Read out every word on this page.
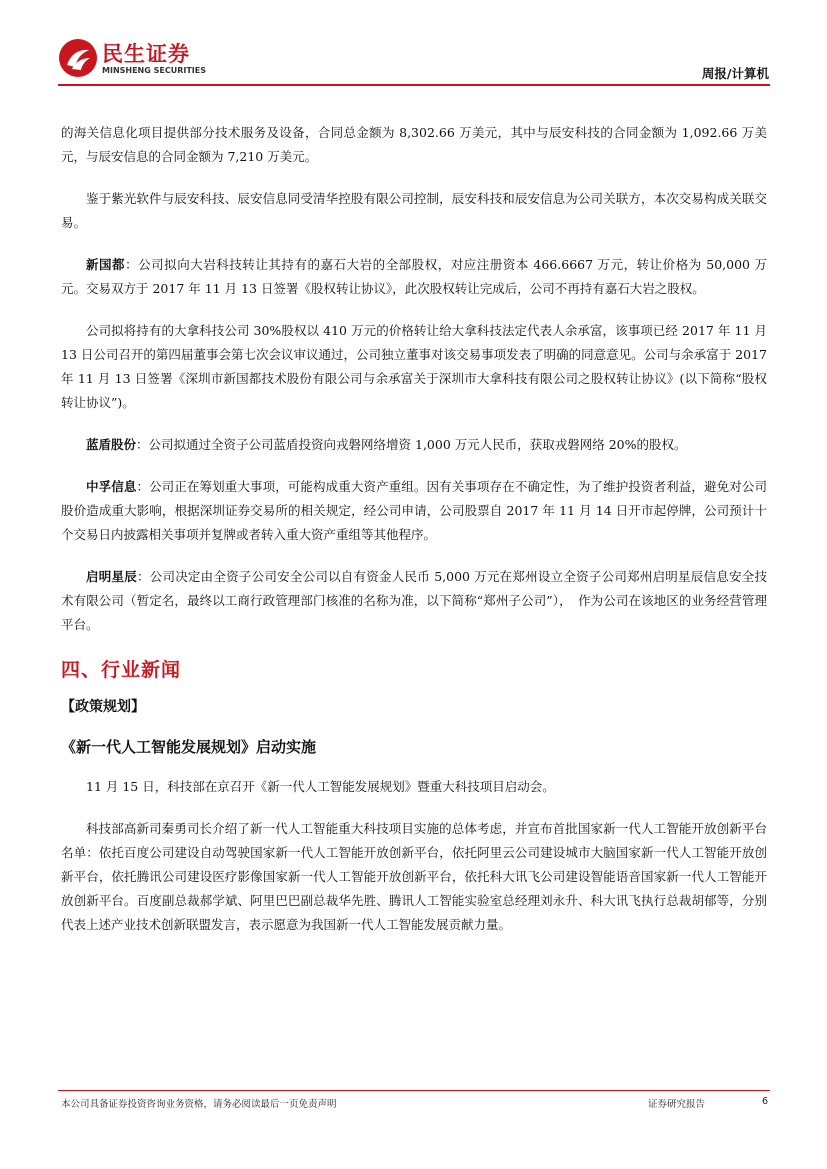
民生证券
MINSHENG SECURITIES	周报/计算机

的海关信息化项目提供部分技术服务及设备，合同总金额为 8,302.66 万美元，其中与辰安科技的合同金额为 1,092.66 万美元，与辰安信息的合同金额为 7,210 万美元。

鉴于紫光软件与辰安科技、辰安信息同受清华控股有限公司控制，辰安科技和辰安信息为公司关联方，本次交易构成关联交易。

新国都：公司拟向大岩科技转让其持有的嘉石大岩的全部股权，对应注册资本 466.6667 万元，转让价格为 50,000 万元。交易双方于 2017 年 11 月 13 日签署《股权转让协议》，此次股权转让完成后，公司不再持有嘉石大岩之股权。

公司拟将持有的大拿科技公司 30%股权以 410 万元的价格转让给大拿科技法定代表人余承富，该事项已经 2017 年 11 月 13 日公司召开的第四届董事会第七次会议审议通过，公司独立董事对该交易事项发表了明确的同意意见。公司与余承富于 2017 年 11 月 13 日签署《深圳市新国都技术股份有限公司与余承富关于深圳市大拿科技有限公司之股权转让协议》(以下简称“股权转让协议”)。

蓝盾股份：公司拟通过全资子公司蓝盾投资向戎磐网络增资 1,000 万元人民币，获取戎磐网络 20%的股权。

中孚信息：公司正在筹划重大事项，可能构成重大资产重组。因有关事项存在不确定性，为了维护投资者利益，避免对公司股价造成重大影响，根据深圳证券交易所的相关规定，经公司申请，公司股票自 2017 年 11 月 14 日开市起停牌，公司预计十个交易日内披露相关事项并复牌或者转入重大资产重组等其他程序。

启明星辰：公司决定由全资子公司安全公司以自有资金人民币 5,000 万元在郑州设立全资子公司郑州启明星辰信息安全技术有限公司（暂定名，最终以工商行政管理部门核准的名称为准，以下简称“郑州子公司”），　作为公司在该地区的业务经营管理平台。

四、行业新闻
【政策规划】
《新一代人工智能发展规划》启动实施

11 月 15 日，科技部在京召开《新一代人工智能发展规划》暨重大科技项目启动会。

科技部高新司秦勇司长介绍了新一代人工智能重大科技项目实施的总体考虑，并宣布首批国家新一代人工智能开放创新平台名单：依托百度公司建设自动驾驶国家新一代人工智能开放创新平台，依托阿里云公司建设城市大脑国家新一代人工智能开放创新平台，依托腾讯公司建设医疗影像国家新一代人工智能开放创新平台，依托科大讯飞公司建设智能语音国家新一代人工智能开放创新平台。百度副总裁郝学斌、阿里巴巴副总裁华先胜、腾讯人工智能实验室总经理刘永升、科大讯飞执行总裁胡郁等，分别代表上述产业技术创新联盟发言，表示愿意为我国新一代人工智能发展贡献力量。

本公司具备证券投资咨询业务资格，请务必阅读最后一页免责声明	证券研究报告	6
